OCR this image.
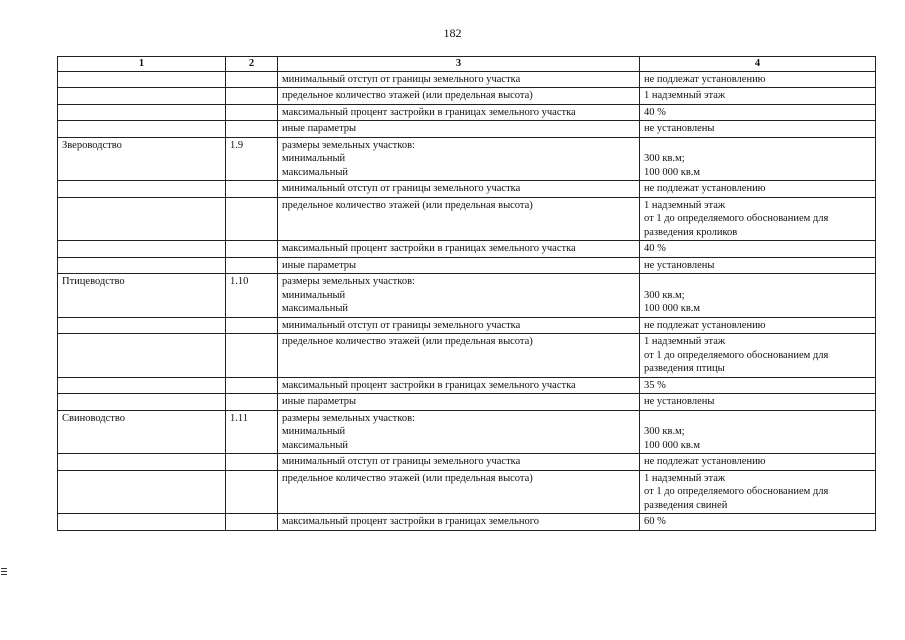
182
1	2	3	4

		минимальный отступ от границы земельного участка	не подлежат установлению

		предельное количество этажей (или предельная высота)	1 надземный этаж

		максимальный процент застройки в границах земельного участка	40 %

		иные параметры	не установлены

Звероводство	1.9	размеры земельных участков:
минимальный
максимальный	300 кв.м;
100 000 кв.м

		минимальный отступ от границы земельного участка	не подлежат установлению

		предельное количество этажей (или предельная высота)	1 надземный этаж
от 1 до определяемого обоснованием для разведения кроликов

		максимальный процент застройки в границах земельного участка	40 %

		иные параметры	не установлены

Птицеводство	1.10	размеры земельных участков:
минимальный
максимальный	300 кв.м;
100 000 кв.м

		минимальный отступ от границы земельного участка	не подлежат установлению

		предельное количество этажей (или предельная высота)	1 надземный этаж
от 1 до определяемого обоснованием для разведения птицы

		максимальный процент застройки в границах земельного участка	35 %

		иные параметры	не установлены

Свиноводство	1.11	размеры земельных участков:
минимальный
максимальный	300 кв.м;
100 000 кв.м

		минимальный отступ от границы земельного участка	не подлежат установлению

		предельное количество этажей (или предельная высота)	1 надземный этаж
от 1 до определяемого обоснованием для разведения свиней

		максимальный процент застройки в границах земельного	60 %
